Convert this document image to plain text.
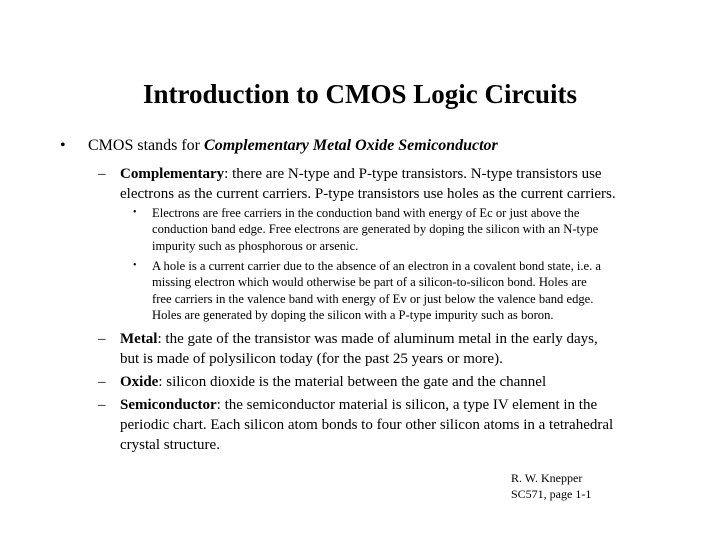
Introduction to CMOS Logic Circuits
• CMOS stands for Complementary Metal Oxide Semiconductor
– Complementary: there are N-type and P-type transistors. N-type transistors use
electrons as the current carriers. P-type transistors use holes as the current carriers.
• Electrons are free carriers in the conduction band with energy of Ec or just above the
conduction band edge. Free electrons are generated by doping the silicon with an N-type
impurity such as phosphorous or arsenic.
• A hole is a current carrier due to the absence of an electron in a covalent bond state, i.e. a
missing electron which would otherwise be part of a silicon-to-silicon bond. Holes are
free carriers in the valence band with energy of Ev or just below the valence band edge.
Holes are generated by doping the silicon with a P-type impurity such as boron.
– Metal: the gate of the transistor was made of aluminum metal in the early days,
but is made of polysilicon today (for the past 25 years or more).
– Oxide: silicon dioxide is the material between the gate and the channel
– Semiconductor: the semiconductor material is silicon, a type IV element in the
periodic chart. Each silicon atom bonds to four other silicon atoms in a tetrahedral
crystal structure.
R. W. Knepper
SC571, page 1-1
